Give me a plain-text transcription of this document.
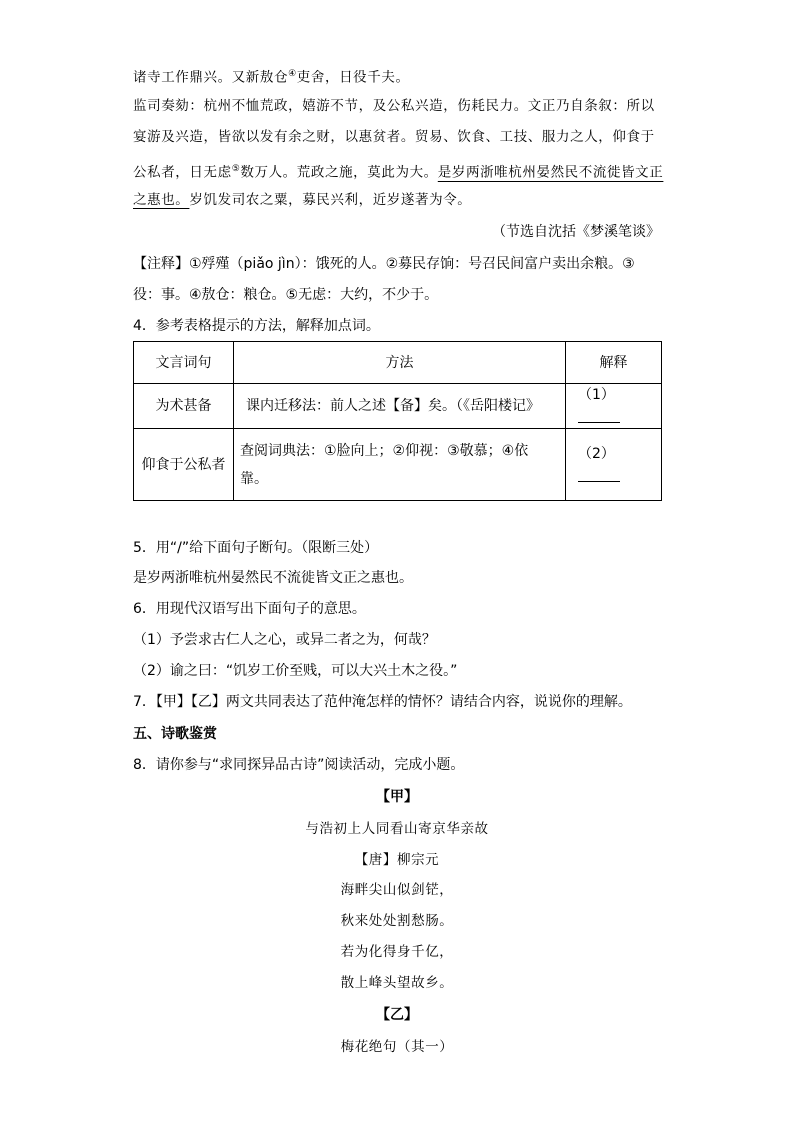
诸寺工作鼎兴。又新敖仓④吏舍，日役千夫。
监司奏劾：杭州不恤荒政，嬉游不节，及公私兴造，伤耗民力。文正乃自条叙：所以
宴游及兴造，皆欲以发有余之财，以惠贫者。贸易、饮食、工技、服力之人，仰食于
公私者，日无虑⑤数万人。荒政之施，莫此为大。是岁两浙唯杭州晏然民不流徙皆文正
之惠也。岁饥发司农之粟，募民兴利，近岁遂著为令。
（节选自沈括《梦溪笔谈》
【注释】①殍殣（piǎo jìn）：饿死的人。②募民存饷：号召民间富户卖出余粮。③
役：事。④敖仓：粮仓。⑤无虑：大约，不少于。
4．参考表格提示的方法，解释加点词。
文言词句	方法	解释
为术甚备	课内迁移法：前人之述【备】矣。（《岳阳楼记》	（1）
仰食于公私者	查阅词典法：①脸向上；②仰视：③敬慕；④依靠。	（2）
5．用“/”给下面句子断句。（限断三处）
是岁两浙唯杭州晏然民不流徙皆文正之惠也。
6．用现代汉语写出下面句子的意思。
（1）予尝求古仁人之心，或异二者之为，何哉？
（2）谕之曰：“饥岁工价至贱，可以大兴土木之役。”
7．【甲】【乙】两文共同表达了范仲淹怎样的情怀？请结合内容，说说你的理解。
五、诗歌鉴赏
8．请你参与“求同探异品古诗”阅读活动，完成小题。
【甲】
与浩初上人同看山寄京华亲故
【唐】柳宗元
海畔尖山似剑铓，
秋来处处割愁肠。
若为化得身千亿，
散上峰头望故乡。
【乙】
梅花绝句（其一）
